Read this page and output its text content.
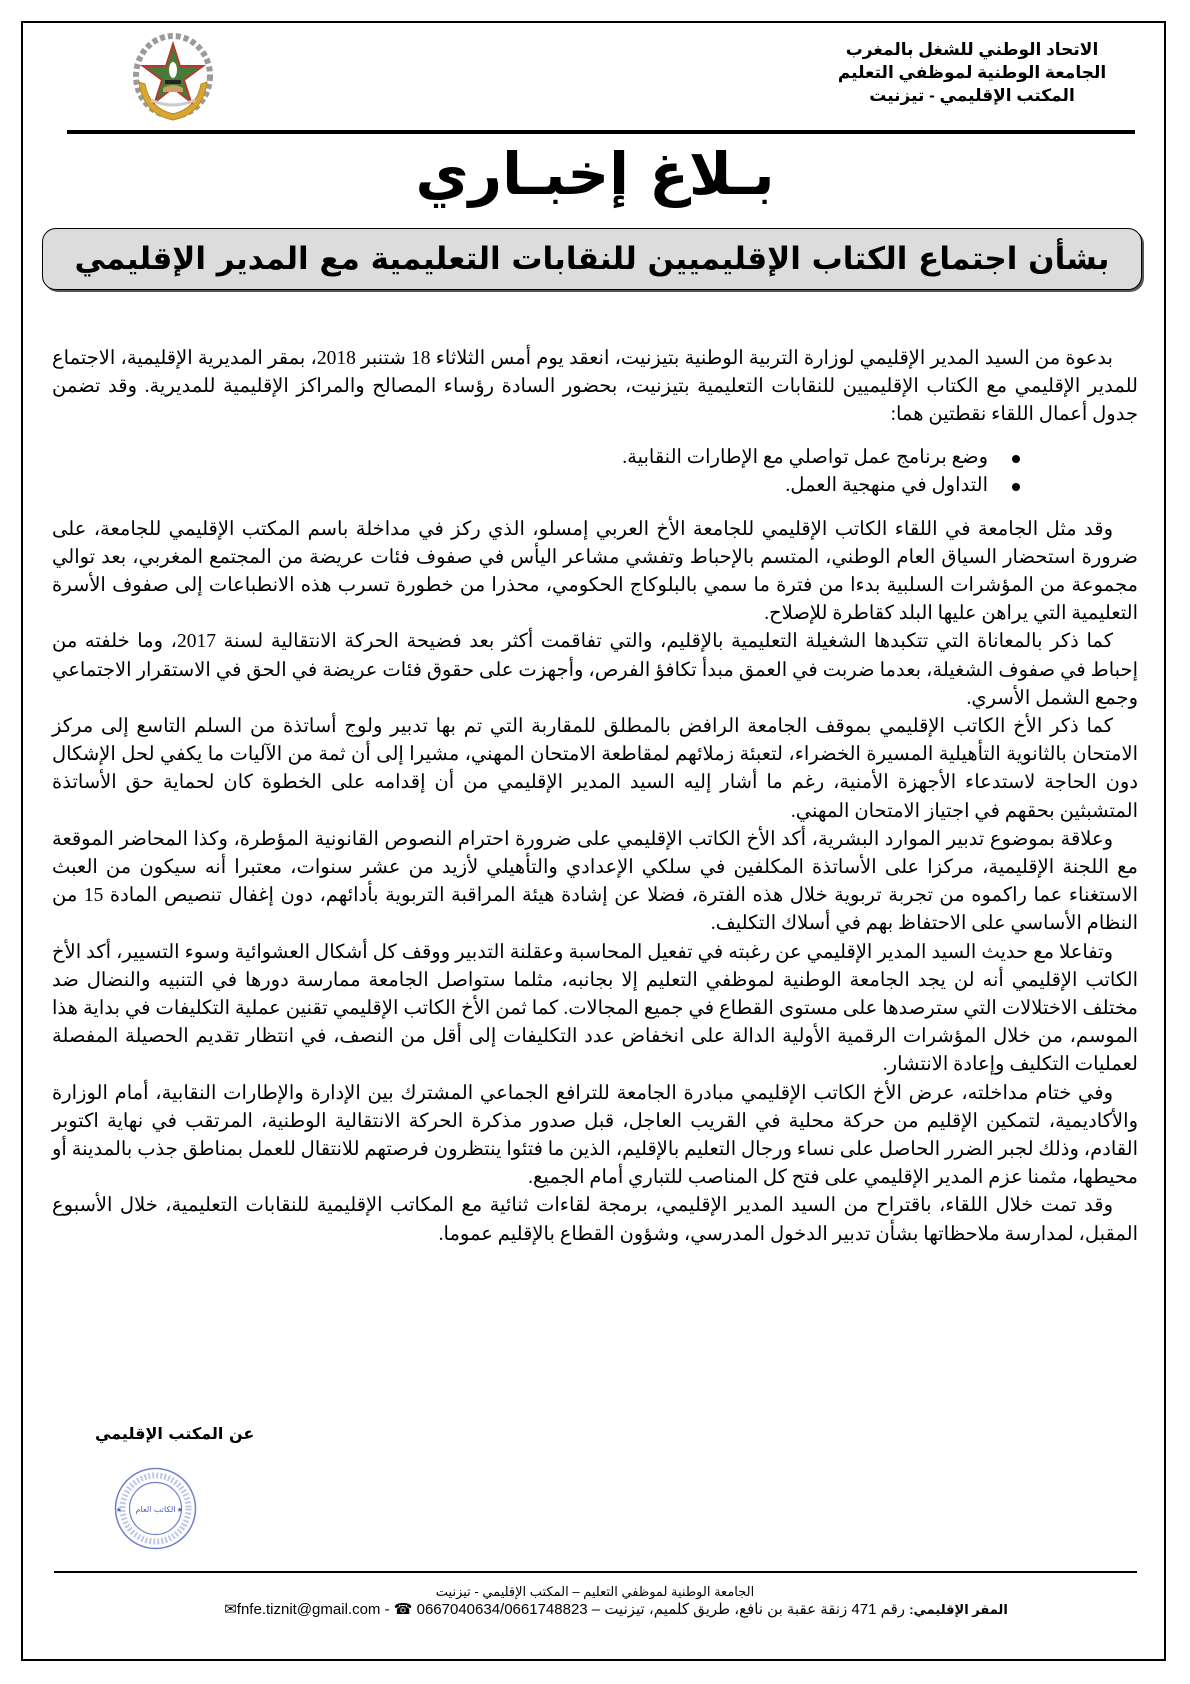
الاتحاد الوطني للشغل بالمغرب
الجامعة الوطنية لموظفي التعليم
المكتب الإقليمي - تيزنيت
بـلاغ إخبـاري
بشأن اجتماع الكتاب الإقليميين للنقابات التعليمية مع المدير الإقليمي

بدعوة من السيد المدير الإقليمي لوزارة التربية الوطنية بتيزنيت، انعقد يوم أمس الثلاثاء 18 شتنبر 2018، بمقر المديرية الإقليمية، الاجتماع للمدير الإقليمي مع الكتاب الإقليميين للنقابات التعليمية بتيزنيت، بحضور السادة رؤساء المصالح والمراكز الإقليمية للمديرية. وقد تضمن جدول أعمال اللقاء نقطتين هما:

وضع برنامج عمل تواصلي مع الإطارات النقابية.
التداول في منهجية العمل.

وقد مثل الجامعة في اللقاء الكاتب الإقليمي للجامعة الأخ العربي إمسلو، الذي ركز في مداخلة باسم المكتب الإقليمي للجامعة، على ضرورة استحضار السياق العام الوطني، المتسم بالإحباط وتفشي مشاعر اليأس في صفوف فئات عريضة من المجتمع المغربي، بعد توالي مجموعة من المؤشرات السلبية بدءا من فترة ما سمي بالبلوكاج الحكومي، محذرا من خطورة تسرب هذه الانطباعات إلى صفوف الأسرة التعليمية التي يراهن عليها البلد كقاطرة للإصلاح.

كما ذكر بالمعاناة التي تتكبدها الشغيلة التعليمية بالإقليم، والتي تفاقمت أكثر بعد فضيحة الحركة الانتقالية لسنة 2017، وما خلفته من إحباط في صفوف الشغيلة، بعدما ضربت في العمق مبدأ تكافؤ الفرص، وأجهزت على حقوق فئات عريضة في الحق في الاستقرار الاجتماعي وجمع الشمل الأسري.

كما ذكر الأخ الكاتب الإقليمي بموقف الجامعة الرافض بالمطلق للمقاربة التي تم بها تدبير ولوج أساتذة من السلم التاسع إلى مركز الامتحان بالثانوية التأهيلية المسيرة الخضراء، لتعبئة زملائهم لمقاطعة الامتحان المهني، مشيرا إلى أن ثمة من الآليات ما يكفي لحل الإشكال دون الحاجة لاستدعاء الأجهزة الأمنية، رغم ما أشار إليه السيد المدير الإقليمي من أن إقدامه على الخطوة كان لحماية حق الأساتذة المتشبثين بحقهم في اجتياز الامتحان المهني.

وعلاقة بموضوع تدبير الموارد البشرية، أكد الأخ الكاتب الإقليمي على ضرورة احترام النصوص القانونية المؤطرة، وكذا المحاضر الموقعة مع اللجنة الإقليمية، مركزا على الأساتذة المكلفين في سلكي الإعدادي والتأهيلي لأزيد من عشر سنوات، معتبرا أنه سيكون من العبث الاستغناء عما راكموه من تجربة تربوية خلال هذه الفترة، فضلا عن إشادة هيئة المراقبة التربوية بأدائهم، دون إغفال تنصيص المادة 15 من النظام الأساسي على الاحتفاظ بهم في أسلاك التكليف.

وتفاعلا مع حديث السيد المدير الإقليمي عن رغبته في تفعيل المحاسبة وعقلنة التدبير ووقف كل أشكال العشوائية وسوء التسيير، أكد الأخ الكاتب الإقليمي أنه لن يجد الجامعة الوطنية لموظفي التعليم إلا بجانبه، مثلما ستواصل الجامعة ممارسة دورها في التنبيه والنضال ضد مختلف الاختلالات التي سترصدها على مستوى القطاع في جميع المجالات. كما ثمن الأخ الكاتب الإقليمي تقنين عملية التكليفات في بداية هذا الموسم، من خلال المؤشرات الرقمية الأولية الدالة على انخفاض عدد التكليفات إلى أقل من النصف، في انتظار تقديم الحصيلة المفصلة لعمليات التكليف وإعادة الانتشار.

وفي ختام مداخلته، عرض الأخ الكاتب الإقليمي مبادرة الجامعة للترافع الجماعي المشترك بين الإدارة والإطارات النقابية، أمام الوزارة والأكاديمية، لتمكين الإقليم من حركة محلية في القريب العاجل، قبل صدور مذكرة الحركة الانتقالية الوطنية، المرتقب في نهاية اكتوبر القادم، وذلك لجبر الضرر الحاصل على نساء ورجال التعليم بالإقليم، الذين ما فتئوا ينتظرون فرصتهم للانتقال للعمل بمناطق جذب بالمدينة أو محيطها، مثمنا عزم المدير الإقليمي على فتح كل المناصب للتباري أمام الجميع.

وقد تمت خلال اللقاء، باقتراح من السيد المدير الإقليمي، برمجة لقاءات ثنائية مع المكاتب الإقليمية للنقابات التعليمية، خلال الأسبوع المقبل، لمدارسة ملاحظاتها بشأن تدبير الدخول المدرسي، وشؤون القطاع بالإقليم عموما.

عن المكتب الإقليمي
الكاتب العام
★	★
الجامعة الوطنية لموظفي التعليم – المكتب الإقليمي - تيزنيت
المقر الإقليمي: رقم 471 زنقة عقبة بن نافع، طريق كلميم، تيزنيت – ✉fnfe.tiznit@gmail.com - ☎ 0667040634/0661748823
